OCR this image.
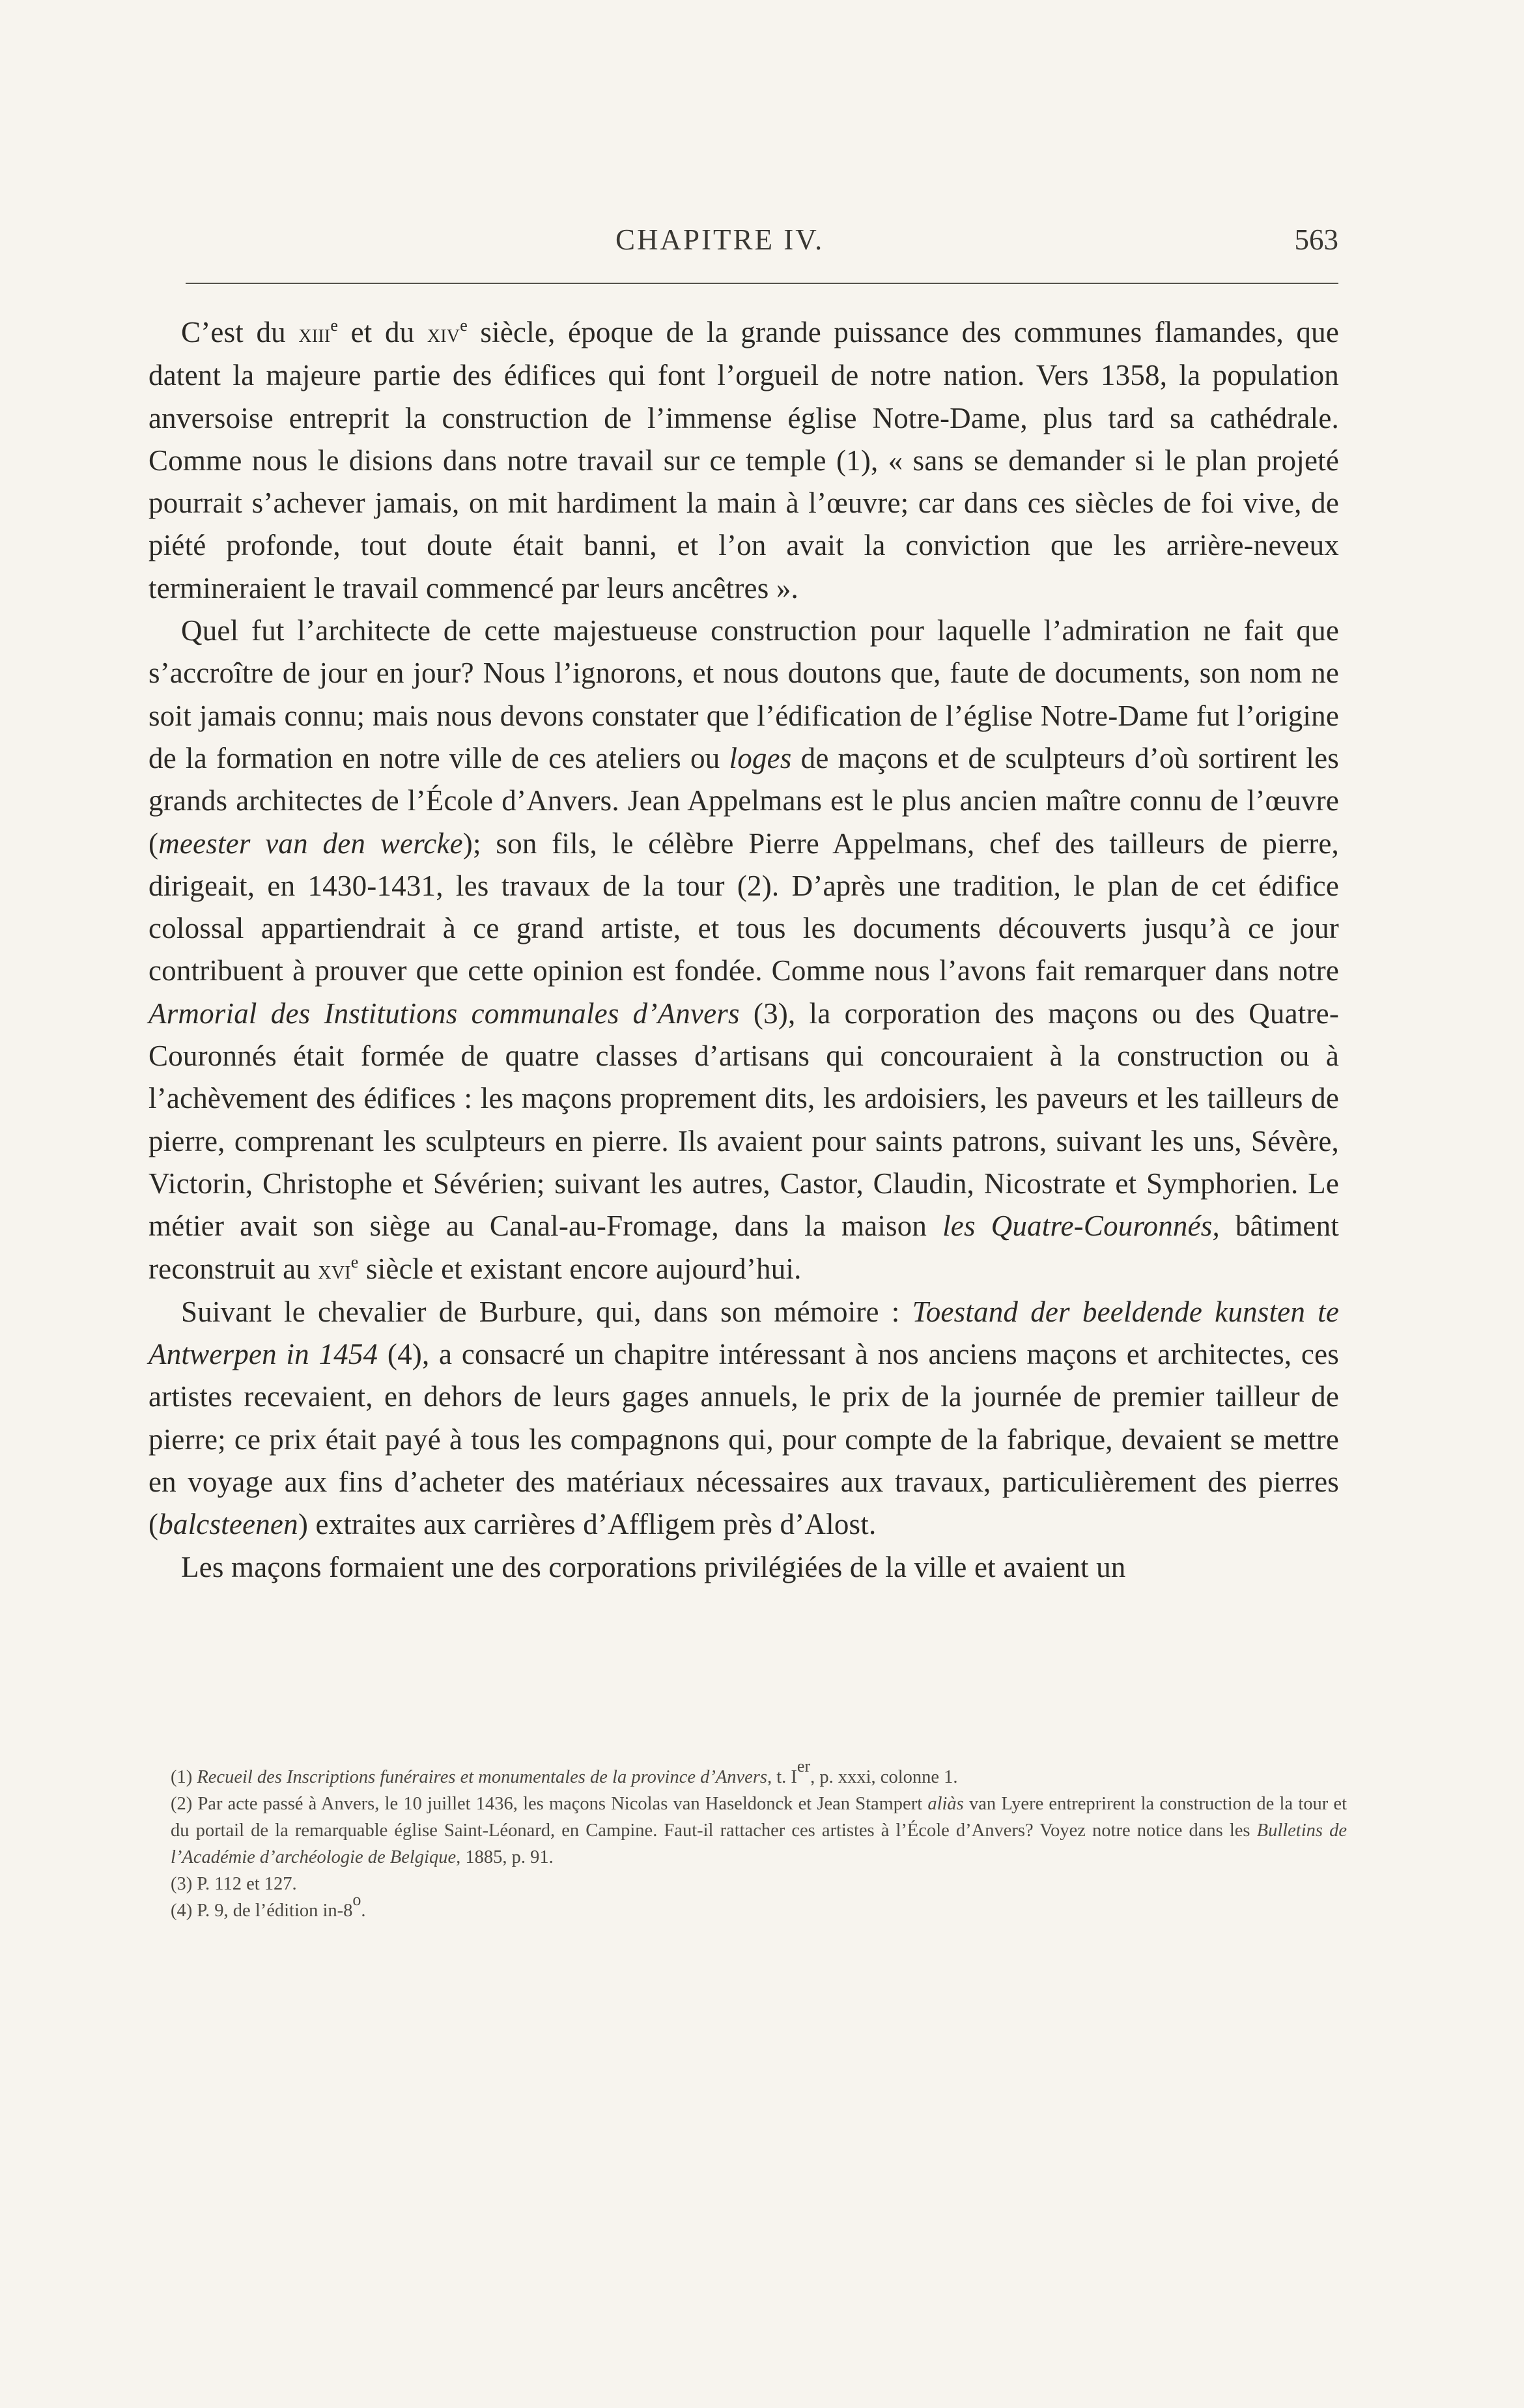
CHAPITRE IV.	563

C’est du xiii$^e$ et du xiv$^e$ siècle, époque de la grande puissance des communes flamandes, que datent la majeure partie des édifices qui font l’orgueil de notre nation. Vers 1358, la population anversoise entreprit la construction de l’immense église Notre-Dame, plus tard sa cathédrale. Comme nous le disions dans notre travail sur ce temple (1), « sans se demander si le plan projeté pourrait s’achever jamais, on mit hardiment la main à l’œuvre; car dans ces siècles de foi vive, de piété profonde, tout doute était banni, et l’on avait la conviction que les arrière-neveux termineraient le travail commencé par leurs ancêtres ».

Quel fut l’architecte de cette majestueuse construction pour laquelle l’admiration ne fait que s’accroître de jour en jour? Nous l’ignorons, et nous doutons que, faute de documents, son nom ne soit jamais connu; mais nous devons constater que l’édification de l’église Notre-Dame fut l’origine de la formation en notre ville de ces ateliers ou loges de maçons et de sculpteurs d’où sortirent les grands architectes de l’École d’Anvers. Jean Appelmans est le plus ancien maître connu de l’œuvre (meester van den wercke); son fils, le célèbre Pierre Appelmans, chef des tailleurs de pierre, dirigeait, en 1430-1431, les travaux de la tour (2). D’après une tradition, le plan de cet édifice colossal appartiendrait à ce grand artiste, et tous les documents découverts jusqu’à ce jour contribuent à prouver que cette opinion est fondée. Comme nous l’avons fait remarquer dans notre Armorial des Institutions communales d’Anvers (3), la corporation des maçons ou des Quatre-Couronnés était formée de quatre classes d’artisans qui concouraient à la construction ou à l’achèvement des édifices : les maçons proprement dits, les ardoisiers, les paveurs et les tailleurs de pierre, comprenant les sculpteurs en pierre. Ils avaient pour saints patrons, suivant les uns, Sévère, Victorin, Christophe et Sévérien; suivant les autres, Castor, Claudin, Nicostrate et Symphorien. Le métier avait son siège au Canal-au-Fromage, dans la maison les Quatre-Couronnés, bâtiment reconstruit au xvi$^e$ siècle et existant encore aujourd’hui.

Suivant le chevalier de Burbure, qui, dans son mémoire : Toestand der beeldende kunsten te Antwerpen in 1454 (4), a consacré un chapitre intéressant à nos anciens maçons et architectes, ces artistes recevaient, en dehors de leurs gages annuels, le prix de la journée de premier tailleur de pierre; ce prix était payé à tous les compagnons qui, pour compte de la fabrique, devaient se mettre en voyage aux fins d’acheter des matériaux nécessaires aux travaux, particulièrement des pierres (balcsteenen) extraites aux carrières d’Affligem près d’Alost.

Les maçons formaient une des corporations privilégiées de la ville et avaient un

(1) Recueil des Inscriptions funéraires et monumentales de la province d’Anvers, t. Ier, p. xxxi, colonne 1.

(2) Par acte passé à Anvers, le 10 juillet 1436, les maçons Nicolas van Haseldonck et Jean Stampert aliàs van Lyere entreprirent la construction de la tour et du portail de la remarquable église Saint-Léonard, en Campine. Faut-il rattacher ces artistes à l’École d’Anvers? Voyez notre notice dans les Bulletins de l’Académie d’archéologie de Belgique, 1885, p. 91.

(3) P. 112 et 127.

(4) P. 9, de l’édition in-8$^o$.
